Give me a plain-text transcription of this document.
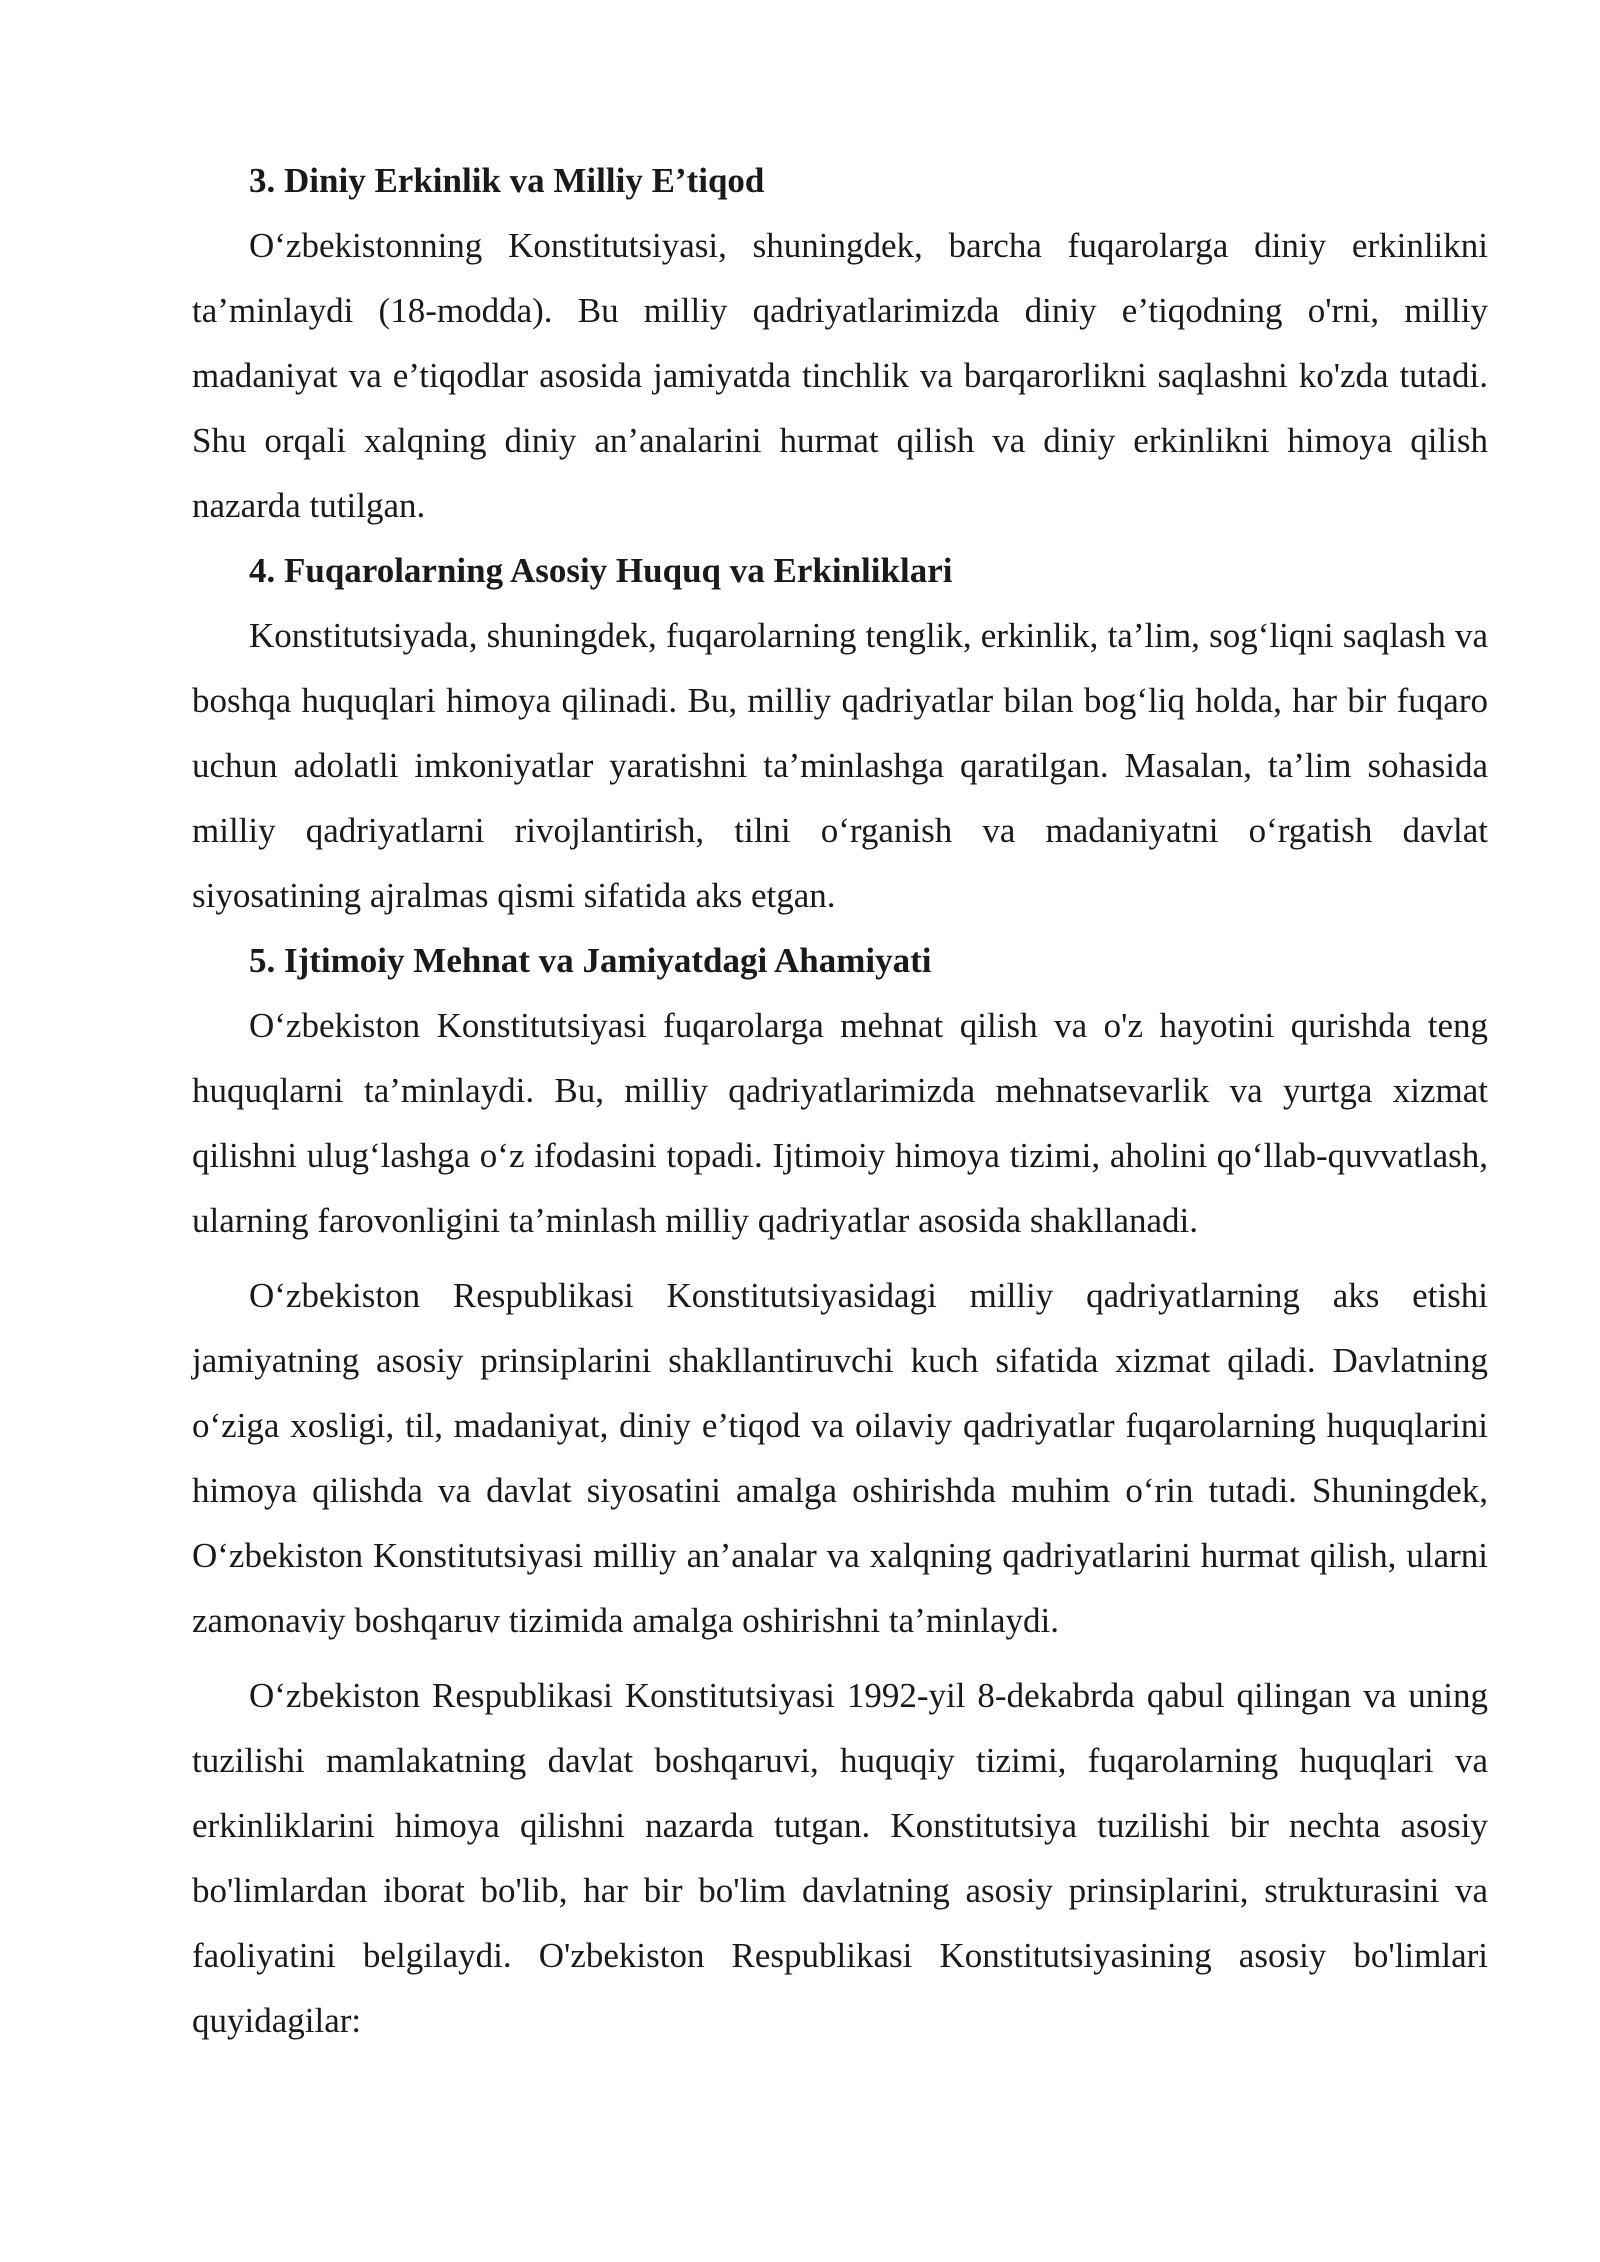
3. Diniy Erkinlik va Milliy E’tiqod

O‘zbekistonning Konstitutsiyasi, shuningdek, barcha fuqarolarga diniy erkinlikni ta’minlaydi (18-modda). Bu milliy qadriyatlarimizda diniy e’tiqodning o'rni, milliy madaniyat va e’tiqodlar asosida jamiyatda tinchlik va barqarorlikni saqlashni ko'zda tutadi. Shu orqali xalqning diniy an’analarini hurmat qilish va diniy erkinlikni himoya qilish nazarda tutilgan.

4. Fuqarolarning Asosiy Huquq va Erkinliklari

Konstitutsiyada, shuningdek, fuqarolarning tenglik, erkinlik, ta’lim, sog‘liqni saqlash va boshqa huquqlari himoya qilinadi. Bu, milliy qadriyatlar bilan bog‘liq holda, har bir fuqaro uchun adolatli imkoniyatlar yaratishni ta’minlashga qaratilgan. Masalan, ta’lim sohasida milliy qadriyatlarni rivojlantirish, tilni o‘rganish va madaniyatni o‘rgatish davlat siyosatining ajralmas qismi sifatida aks etgan.

5. Ijtimoiy Mehnat va Jamiyatdagi Ahamiyati

O‘zbekiston Konstitutsiyasi fuqarolarga mehnat qilish va o'z hayotini qurishda teng huquqlarni ta’minlaydi. Bu, milliy qadriyatlarimizda mehnatsevarlik va yurtga xizmat qilishni ulug‘lashga o‘z ifodasini topadi. Ijtimoiy himoya tizimi, aholini qo‘llab-quvvatlash, ularning farovonligini ta’minlash milliy qadriyatlar asosida shakllanadi.

O‘zbekiston Respublikasi Konstitutsiyasidagi milliy qadriyatlarning aks etishi jamiyatning asosiy prinsiplarini shakllantiruvchi kuch sifatida xizmat qiladi. Davlatning o‘ziga xosligi, til, madaniyat, diniy e’tiqod va oilaviy qadriyatlar fuqarolarning huquqlarini himoya qilishda va davlat siyosatini amalga oshirishda muhim o‘rin tutadi. Shuningdek, O‘zbekiston Konstitutsiyasi milliy an’analar va xalqning qadriyatlarini hurmat qilish, ularni zamonaviy boshqaruv tizimida amalga oshirishni ta’minlaydi.

O‘zbekiston Respublikasi Konstitutsiyasi 1992-yil 8-dekabrda qabul qilingan va uning tuzilishi mamlakatning davlat boshqaruvi, huquqiy tizimi, fuqarolarning huquqlari va erkinliklarini himoya qilishni nazarda tutgan. Konstitutsiya tuzilishi bir nechta asosiy bo'limlardan iborat bo'lib, har bir bo'lim davlatning asosiy prinsiplarini, strukturasini va faoliyatini belgilaydi. O'zbekiston Respublikasi Konstitutsiyasining asosiy bo'limlari quyidagilar:
